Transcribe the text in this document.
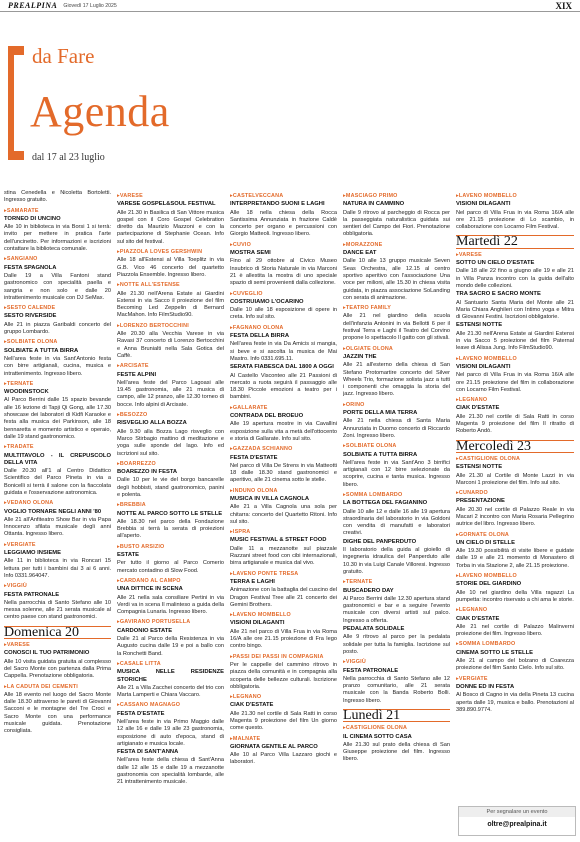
PREALPINA Giovedì 17 Luglio 2025	XIX
da Fare
Agenda
dal 17 al 23 luglio

stina Cenedella e Nicoletta Bortoletti. Ingresso gratuito.

▸ SAMARATE

TORNEO DI UNCINO

Alle 10 in biblioteca in via Borsi 1 si terrà: invito per mettere in pratica l'arte dell'uncinetto. Per informazioni e iscrizioni contattare la biblioteca comunale.

▸ SANGIANO

FESTA SPAGNOLA

Dalle 19 a Villa Fantoni stand gastronomico con specialità paella e sangria e non solo e dalle 20 intrattenimento musicale con DJ SeMax.

▸ SESTO CALENDE

SESTO RIVERSIDE

Alle 21 in piazza Garibaldi concerto del gruppo Lombardo.

▸ SOLBIATE OLONA

SOLBIATE A TUTTA BIRRA

Nell'area feste in via Sant'Antonio festa con birre artigianali, cucina, musica e intrattenimento. Ingresso libero.

▸ TERNATE

WOODINSTOCK

Al Parco Berrini dalle 15 spazio bevande alle 16 lezione di Tapji Qi Gong, alle 17.30 showcase dei laboratori di Kidfi Karaoke e festa alla musica dei Parkinson, alle 18 bennaretta e momento artistico e operaio, dalle 19 stand gastronomico.

▸ TRADATE

MULTITAVOLO - IL CREPUSCOLO DELLA VITA

Dalle 20.30 all'1 al Centro Didattico Scientifico del Parco Pineta in via a Bonicelli si terrà il salone con la fiaccolata guidata e l'osservazione astronomica.

▸ VEDANO OLONA

VOGLIO TORNARE NEGLI ANNI '80

Alle 21 all'Anfiteatro Show Bar in via Papa Innocenzo sfilata musicale degli anni Ottanta. Ingresso libero.

▸ VERGIATE

LEGGIAMO INSIEME

Alle 11 in biblioteca in via Roncari 15 lettura per tutti i bambini dai 3 ai 6 anni. Info 0331.964047.

▸ VIGGIÙ

FESTA PATRONALE

Nella parrocchia di Santo Stefano alle 10 messa solenne, alle 21 serata musicale al centro paese con stand gastronomici.

Domenica 20

▸ VARESE

CONOSCI IL TUO PATRIMONIO

Alle 10 visita guidata gratuita al complesso del Sacro Monte con partenza dalla Prima Cappella. Prenotazione obbligatoria.

▸ LA CADUTA DEI CEMENTI

Alle 18 evento nel luogo del Sacro Monte dalle 18.30 attraverso le pareti di Giovanni Sacconi e le montagne del Tre Croci e Sacro Monte con una performance musicale guidata. Prenotazione consigliata.

▸ VARESE

VARESE GOSPEL&SOUL FESTIVAL

Alle 21.30 in Basilica di San Vittore musica gospel con il Coro Gospel Celebration diretto da Maurizio Mazzoni e con la partecipazione di Stephanie Ocean. Info sul sito del festival.

▸ PIAZZOLA LOVES GERSHWIN

Alle 18 all'Estensi al Villa Toeplitz in via G.B. Vico 46 concerto del quartetto Piazzola Ensemble. Ingresso libero.

▸ NOTTE ALL'ESTENSE

Alle 21.30 nell'Arena Estate ai Giardini Estensi in via Sacco il proiezione del film Becoming Led Zeppelin di Bernard MacMahon. Info FilmStudio90.

▸ LORENZO BERTOCCHINI

Alle 20.30 alla Vecchia Varese in via Ravasi 37 concerto di Lorenzo Bertocchini e Anna Brunialti nella Sala Gotica del Caffè.

▸ ARCISATE

FESTE ALPINI

Nell'area feste del Parco Lagoasi alle 19.45 gastronomia, alle 21 musica di campo, alle 12 pranzo, alle 12.30 torneo di bocce. Info alpini di Arcisate.

▸ BESOZZO

RISVEGLIO ALLA BOZZA

Alle 9.30 alla Bozza Lago risveglio con Marco Stirbagio mattino di meditazione e yoga sulle sponde del lago. Info ed iscrizioni sul sito.

▸ BOARREZZO

BOAREZZO IN FESTA

Dalle 10 per le vie del borgo bancarelle degli hobbisti, stand gastronomico, panini e polenta.

▸ BREBBIA

NOTTE AL PARCO SOTTO LE STELLE

Alle 18.30 nel parco della Fondazione Brebbia si terrà la serata di proiezioni all'aperto.

▸ BUSTO ARSIZIO

ESTATE

Per tutto il giorno al Parco Comerio mercato contadino di Slow Food.

▸ CARDANO AL CAMPO

UNA DITTICE IN SCENA

Alle 21 nella sala consiliare Pertini in via Verdi va in scena Il malinteso a guida della Compagnia Lunaria. Ingresso libero.

▸ GAVIRANO PORTUSELLA

CARDONIO ESTATE

Dalle 21 al Parco della Resistenza in via Augusto cucina dalle 19 e poi a ballo con la Ronchetti Band.

▸ CASALE LITTA

MUSICA NELLE RESIDENZE STORICHE

Alle 21 a Villa Zacchei concerto del trio con Marta Lamperti e Chiara Vaccaro.

▸ CASSANO MAGNAGO

FESTA D'ESTATE

Nell'area feste in via Primo Maggio dalle 12 alle 16 e dalle 19 alle 23 gastronomia, esposizione di auto d'epoca, stand di artigianato e musica locale.

FESTA DI SANT'ANNA

Nell'area feste della chiesa di Sant'Anna dalle 12 alle 15 e dalle 19 a mezzanotte gastronomia con specialità lombarde, alle 21 intrattenimento musicale.

▸ CASTELVECCANA

INTERPRETANDO SUONI E LAGHI

Alle 18 nella chiesa della Rocca Santissima Annunziata in frazione Caldè concerto per organo e percussioni con Giorgio Matteoli. Ingresso libero.

▸ CUVIO

MOSTRA SEMI

Fino al 29 ottobre al Civico Museo Insubrico di Storia Naturale in via Marconi 21 è allestita la mostra di uno speciale spazio di semi provenienti dalla collezione.

▸ CUVEGLIO

COSTRUIAMO L'OCARINO

Dalle 10 alle 18 esposizione di opere in creta. Info sul sito.

▸ FAGNANO OLONA

FESTA DELLA BIRRA

Nell'area feste in via Da Amicis si mangia, si beve e si ascolta la musica de Mai Mastro. Info 0331.695.11.

SERATA FIABESCA DAL 1800 A OGGI

Al Castello Visconteo alle 21 Passioni di mercato a ruota seguirà il passaggio alle 18.30 Piccole emozioni a teatro per i bambini.

▸ GALLARATE

CONTRADA DEL BROEUO

Alle 19 apertura mostre in via Cavallini esposizione sulla vita a metà dell'ottocento e storia di Gallarate. Info sul sito.

▸ GAZZADA SCHIANNO

FESTA D'ESTATE

Nel parco di Villa De Strens in via Matteotti 18 dalle 18.30 stand gastronomici e aperitivo, alle 21 cinema sotto le stelle.

▸ INDUNO OLONA

MUSICA IN VILLA CAGNOLA

Alle 21 a Villa Cagnola una sola per chitarra: concerto del Quartetto Ritoni. Info sul sito.

▸ ISPRA

MUSIC FESTIVAL & STREET FOOD

Dalle 11 a mezzanotte sul piazzale Razzani street food con cibi internazionali, birra artigianale e musica dal vivo.

▸ LAVENO PONTE TRESA

TERRA E LAGHI

Animazione con la battaglia del cuscino del Dragon Festival Tree alle 21 concerto dei Gemini Brothers.

▸ LAVENO MOMBELLO

VISIONI DILAGANTI

Alle 21 nel parco di Villa Frua in via Roma 16/A alle ore 21.15 proiezione di Fra Iego contro bingo.

▸ PASSI DEI PASSI IN COMPAGNIA

Per le cappelle del cammino ritrovo in piazza della comunità e in compagnia alla scoperta delle bellezze culturali. Iscrizione obbligatoria.

▸ LEGNANO

CIAK D'ESTATE

Alle 21.30 nel cortile di Sala Ratti in corso Magenta 9 proiezione del film Un giorno come questo.

▸ MALNATE

GIORNATA GENTILE AL PARCO

Alle 10 al Parco Villa Lazzaro giochi e laboratori.

▸ MASCIAGO PRIMO

NATURA IN CAMMINO

Dalle 9 ritrovo al parcheggio di Rocca per la passeggiata naturalistica guidata sui sentieri del Campo dei Fiori. Prenotazione obbligatoria.

▸ MORAZZONE

DANCE EAT

Dalle 10 alle 13 gruppo musicale Seven Seas Orchestra, alle 12.15 al centro sportivo aperitivo con l'associazione Una voce per milioni, alle 15.30 in chiesa visita guidata, in piazza associazione SoLanding con serata di animazione.

▸ TEATRO FAMILY

Alle 21 nel giardino della scuola dell'infanzia Antonini in via Bellotti 6 per il festival Terra e Laghi il Teatro del Corvino propone lo spettacolo Il gatto con gli stivali.

▸ OLGIATE OLONA

JAZZIN THE

Alle 21 all'esterno della chiesa di San Stefano Protomartire concerto del Silver Wheels Trio, formazione solista jazz a tutti i componenti che omaggia la storia del jazz. Ingresso libero.

▸ ORINO

PORTE DELLA MIA TERRA

Alle 21 nella chiesa di Santa Maria Annunziata in Duomo concerto di Riccardo Zoni. Ingresso libero.

▸ SOLBIATE OLONA

SOLBIATE A TUTTA BIRRA

Nell'area feste in via Sant'Ano 3 birrifici artigianali con 12 birre selezionate da scoprire, cucina e tanta musica. Ingresso libero.

▸ SOMMA LOMBARDO

LA BOTTEGA DEL FAGIANINO

Dalle 10 alle 12 e dalle 16 alle 19 apertura straordinaria del laboratorio in via Goldoni con vendita di manufatti e laboratori creativi.

DIGHE DEL PANPERDUTO

Il laboratorio della guida al gioiello di ingegneria idraulica del Panperduto alle 10.30 in via Luigi Canale Villoresi. Ingresso gratuito.

▸ TERNATE

BUSCADERO DAY

Al Parco Berrini dalle 12.30 apertura stand gastronomici e bar e a seguire l'evento musicale con diversi artisti sul palco. Ingresso a offerta.

PEDALATA SOLIDALE

Alle 9 ritrovo al parco per la pedalata solidale per tutta la famiglia. Iscrizione sul posto.

▸ VIGGIÙ

FESTA PATRONALE

Nella parrocchia di Santo Stefano alle 12 pranzo comunitario, alle 21 serata musicale con la Banda Roberto Bolli. Ingresso libero.

Lunedì 21

▸ CASTIGLIONE OLONA

IL CINEMA SOTTO CASA

Alle 21.30 sul prato della chiesa di San Giuseppe proiezione del film. Ingresso libero.

▸ LAVENO MOMBELLO

VISIONI DILAGANTI

Nel parco di Villa Frua in via Roma 16/A alle ore 21.15 proiezione di Lo scambio, in collaborazione con Locarno Film Festival.

Martedì 22

▸ VARESE

SOTTO UN CIELO D'ESTATE

Dalle 18 alle 22 fino a giugno alle 19 e alle 21 in Villa Panza incontro con la guida dell'alto mondo delle collezioni.

TRA SACRO E SACRO MONTE

Al Santuario Santa Maria del Monte alle 21 Maria Chiara Anghileri con Intimo yoga e Mitra di Giovanni Festini. Iscrizioni obbligatorie.

ESTENSI NOTTE

Alle 21.30 nell'Arena Estate ai Giardini Estensi in via Sacco 5 proiezione del film Paternal leave di Alissa Jung. Info FilmStudio90.

▸ LAVENO MOMBELLO

VISIONI DILAGANTI

Nel parco di Villa Frua in via Roma 16/A alle ore 21.15 proiezione del film in collaborazione con Locarno Film Festival.

▸ LEGNANO

CIAK D'ESTATE

Alle 21.30 nel cortile di Sala Ratti in corso Magenta 9 proiezione del film Il ritratto di Roberto Andò.

Mercoledì 23

▸ CASTIGLIONE OLONA

ESTENSI NOTTE

Alle 21.30 al Cortile di Monte Lazzi in via Marconi 1 proiezione del film. Info sul sito.

▸ CUNARDO

PRESENTAZIONE

Alle 20.30 nel cortile di Palazzo Reale in via Macari 2 incontro con Maria Rosaria Pellegrino autrice del libro. Ingresso libero.

▸ GORNATE OLONA

UN CIELO DI STELLE

Alle 19.30 possibilità di visite libere e guidate dalle 19 e alle 21 momento di Monastero di Torba in via Stazione 2, alle 21.15 proiezione.

▸ LAVENO MOMBELLO

STORIE DEL GIARDINO

Alle 10 nel giardino della Villa ragazzi La pumpetta: incontro riservato a chi ama le storie.

▸ LEGNANO

CIAK D'ESTATE

Alle 21 nel cortile di Palazzo Malinverni proiezione dei film. Ingresso libero.

▸ SOMMA LOMBARDO

CINEMA SOTTO LE STELLE

Alle 21 al campo del bolzano di Coarezza proiezione del film Santo Cielo. Info sul sito.

▸ VERGIATE

DONNE ED IN FESTA

Al Bosco di Cagno in via della Pineta 13 cucina aperta dalle 19, musica e ballo. Prenotazioni al 389.890.9774.

Per segnalare un evento
oltre@prealpina.it
